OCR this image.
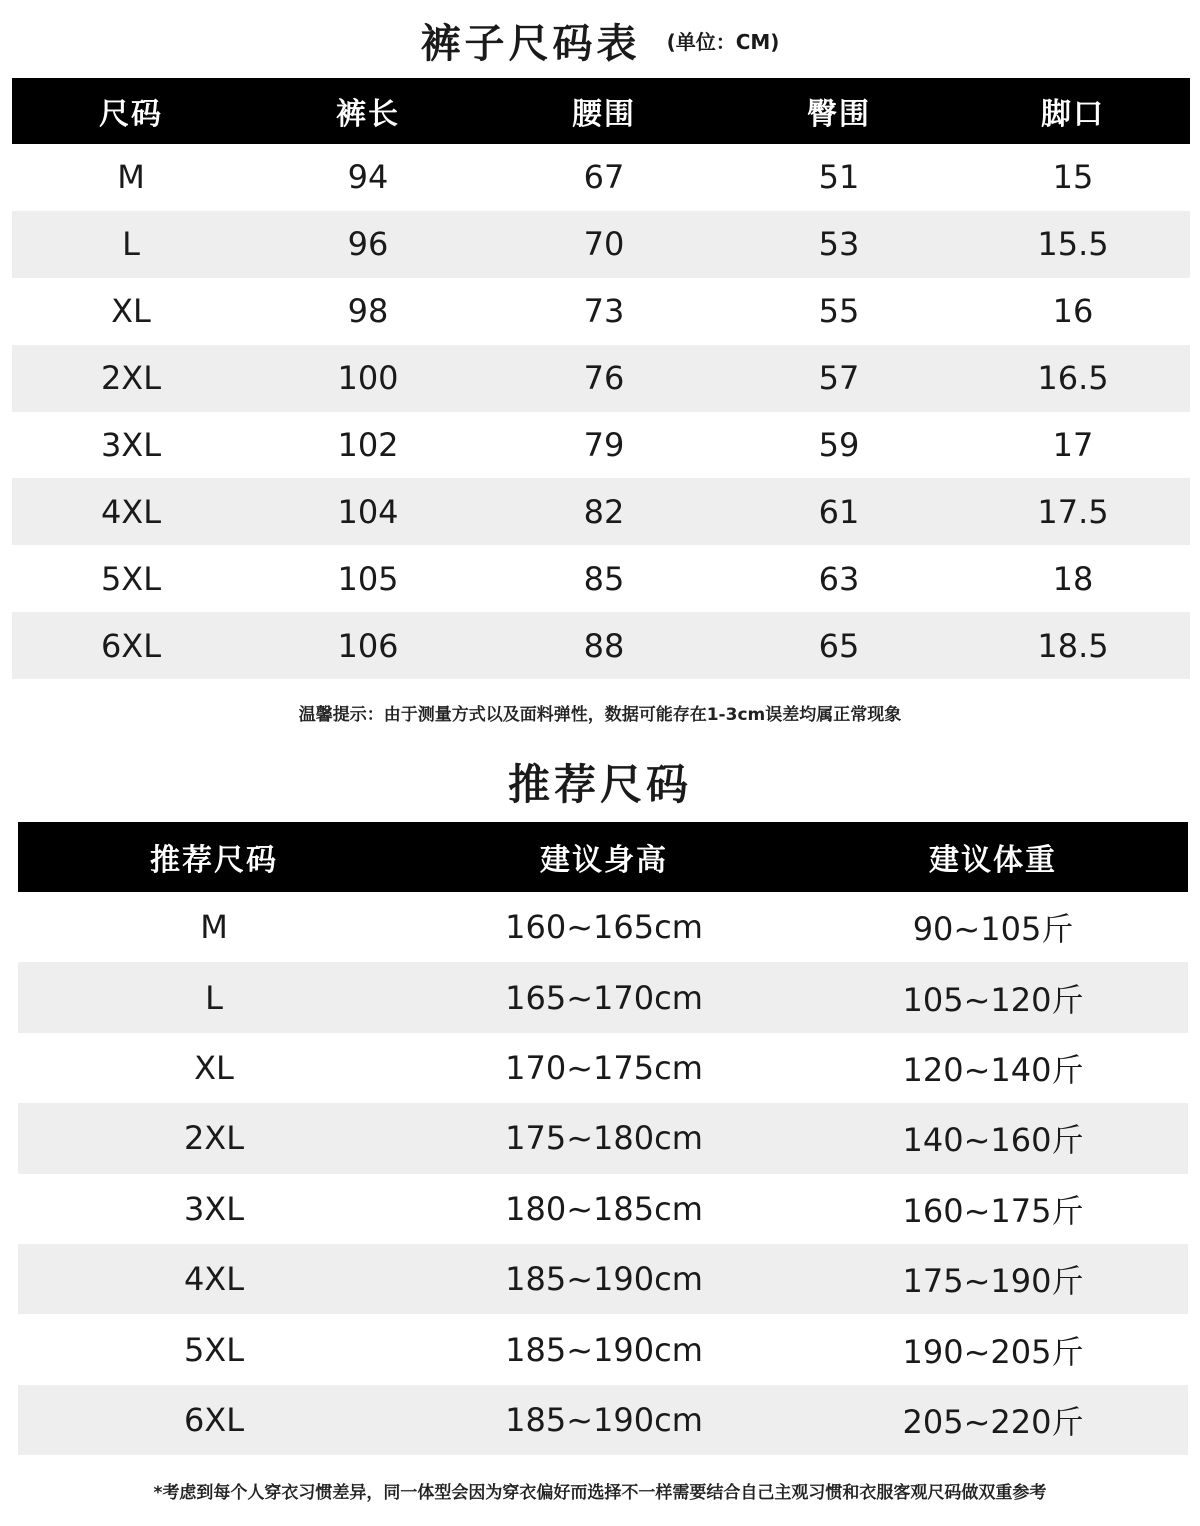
裤子尺码表 (单位：CM)
尺码	裤长	腰围	臀围	脚口
M	94	67	51	15
L	96	70	53	15.5
XL	98	73	55	16
2XL	100	76	57	16.5
3XL	102	79	59	17
4XL	104	82	61	17.5
5XL	105	85	63	18
6XL	106	88	65	18.5
温馨提示：由于测量方式以及面料弹性，数据可能存在1-3cm误差均属正常现象
推荐尺码
推荐尺码	建议身高	建议体重
M	160~165cm	90~105斤
L	165~170cm	105~120斤
XL	170~175cm	120~140斤
2XL	175~180cm	140~160斤
3XL	180~185cm	160~175斤
4XL	185~190cm	175~190斤
5XL	185~190cm	190~205斤
6XL	185~190cm	205~220斤
*考虑到每个人穿衣习惯差异，同一体型会因为穿衣偏好而选择不一样需要结合自己主观习惯和衣服客观尺码做双重参考
